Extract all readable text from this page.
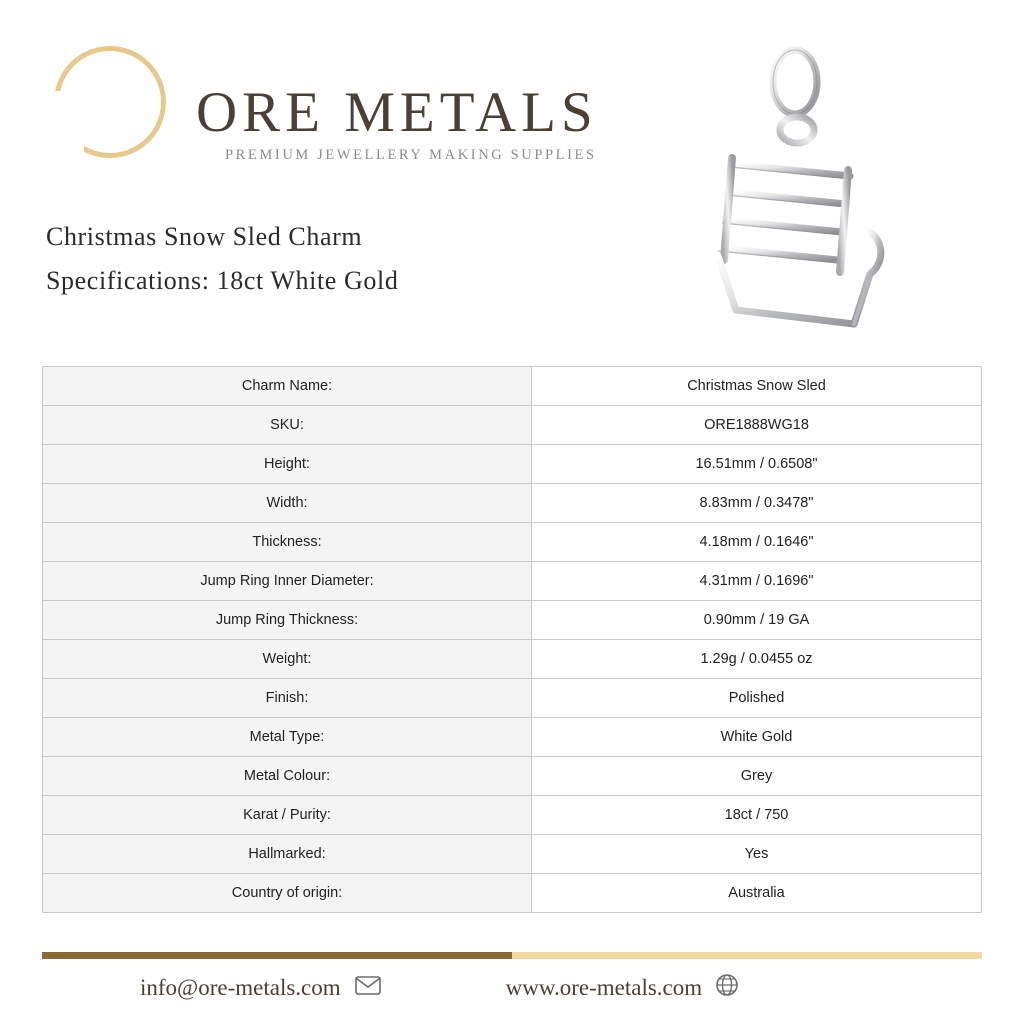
ORE METALS
PREMIUM JEWELLERY MAKING SUPPLIES
Christmas Snow Sled Charm
Specifications: 18ct White Gold
Charm Name:	Christmas Snow Sled
SKU:	ORE1888WG18
Height:	16.51mm / 0.6508"
Width:	8.83mm / 0.3478"
Thickness:	4.18mm / 0.1646"
Jump Ring Inner Diameter:	4.31mm / 0.1696"
Jump Ring Thickness:	0.90mm / 19 GA
Weight:	1.29g / 0.0455 oz
Finish:	Polished
Metal Type:	White Gold
Metal Colour:	Grey
Karat / Purity:	18ct / 750
Hallmarked:	Yes
Country of origin:	Australia
info@ore-metals.com	www.ore-metals.com
